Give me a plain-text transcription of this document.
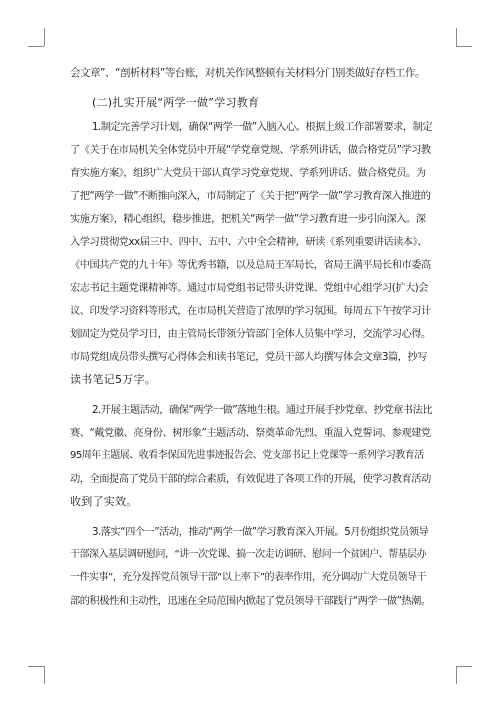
会文章”、“剖析材料”等台账，对机关作风整顿有关材料分门别类做好存档工作。
(二)扎实开展“两学一做”学习教育
1.制定完善学习计划，确保“两学一做”入脑入心。根据上级工作部署要求，制定
了《关于在市局机关全体党员中开展“学党章党规、学系列讲话，做合格党员”学习教
育实施方案》，组织广大党员干部认真学习党章党规、学系列讲话、做合格党员。为
了把“两学一做”不断推向深入，市局制定了《关于把“两学一做”学习教育深入推进的
实施方案》，精心组织，稳步推进，把机关“两学一做”学习教育进一步引向深入。深
入学习贯彻党xx届三中、四中、五中、六中全会精神，研读《系列重要讲话读本》、
《中国共产党的九十年》等优秀书籍，以及总局王军局长，省局王满平局长和市委高
宏志书记主题党课精神等。通过市局党组书记带头讲党课、党组中心组学习(扩大)会
议、印发学习资料等形式，在市局机关营造了浓厚的学习氛围。每周五下午按学习计
划固定为党员学习日，由主管局长带领分管部门全体人员集中学习，交流学习心得。
市局党组成员带头撰写心得体会和读书笔记，党员干部人均撰写体会文章3篇，抄写
读书笔记5万字。
2.开展主题活动，确保“两学一做”落地生根。通过开展手抄党章、抄党章书法比
赛、“戴党徽、亮身份、树形象”主题活动、祭奠革命先烈、重温入党誓词、参观建党
95周年主题展、收看李保国先进事迹报告会、党支部书记上党课等一系列学习教育活
动，全面提高了党员干部的综合素质，有效促进了各项工作的开展，使学习教育活动
收到了实效。
3.落实“四个一”活动，推动“两学一做”学习教育深入开展。5月份组织党员领导
干部深入基层调研慰问，“讲一次党课、搞一次走访调研、慰问一个贫困户、帮基层办
一件实事”，充分发挥党员领导干部“以上率下”的表率作用，充分调动广大党员领导干
部的积极性和主动性，迅速在全局范围内掀起了党员领导干部践行“两学一做”热潮。
